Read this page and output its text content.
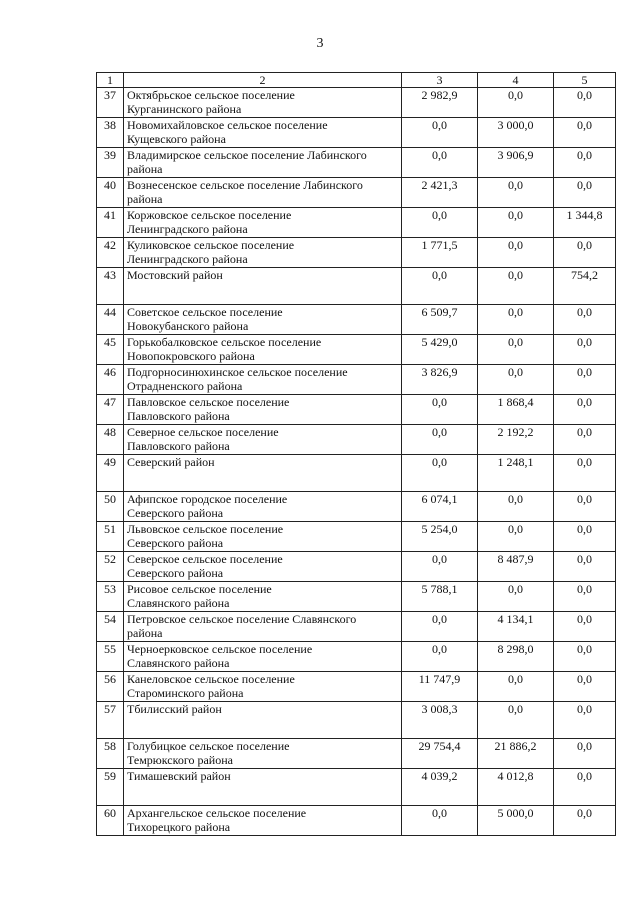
3
1	2	3	4	5
37	Октябрьское сельское поселение
Курганинского района	2 982,9	0,0	0,0
38	Новомихайловское сельское поселение
Кущевского района	0,0	3 000,0	0,0
39	Владимирское сельское поселение Лабинского
района	0,0	3 906,9	0,0
40	Вознесенское сельское поселение Лабинского
района	2 421,3	0,0	0,0
41	Коржовское сельское поселение
Ленинградского района	0,0	0,0	1 344,8
42	Куликовское сельское поселение
Ленинградского района	1 771,5	0,0	0,0
43	Мостовский район	0,0	0,0	754,2
44	Советское сельское поселение
Новокубанского района	6 509,7	0,0	0,0
45	Горькобалковское сельское поселение
Новопокровского района	5 429,0	0,0	0,0
46	Подгорносинюхинское сельское поселение
Отрадненского района	3 826,9	0,0	0,0
47	Павловское сельское поселение
Павловского района	0,0	1 868,4	0,0
48	Северное сельское поселение
Павловского района	0,0	2 192,2	0,0
49	Северский район	0,0	1 248,1	0,0
50	Афипское городское поселение
Северского района	6 074,1	0,0	0,0
51	Львовское сельское поселение
Северского района	5 254,0	0,0	0,0
52	Северское сельское поселение
Северского района	0,0	8 487,9	0,0
53	Рисовое сельское поселение
Славянского района	5 788,1	0,0	0,0
54	Петровское сельское поселение Славянского
района	0,0	4 134,1	0,0
55	Черноерковское сельское поселение
Славянского района	0,0	8 298,0	0,0
56	Канеловское сельское поселение
Староминского района	11 747,9	0,0	0,0
57	Тбилисский район	3 008,3	0,0	0,0
58	Голубицкое сельское поселение
Темрюкского района	29 754,4	21 886,2	0,0
59	Тимашевский район	4 039,2	4 012,8	0,0
60	Архангельское сельское поселение
Тихорецкого района	0,0	5 000,0	0,0
